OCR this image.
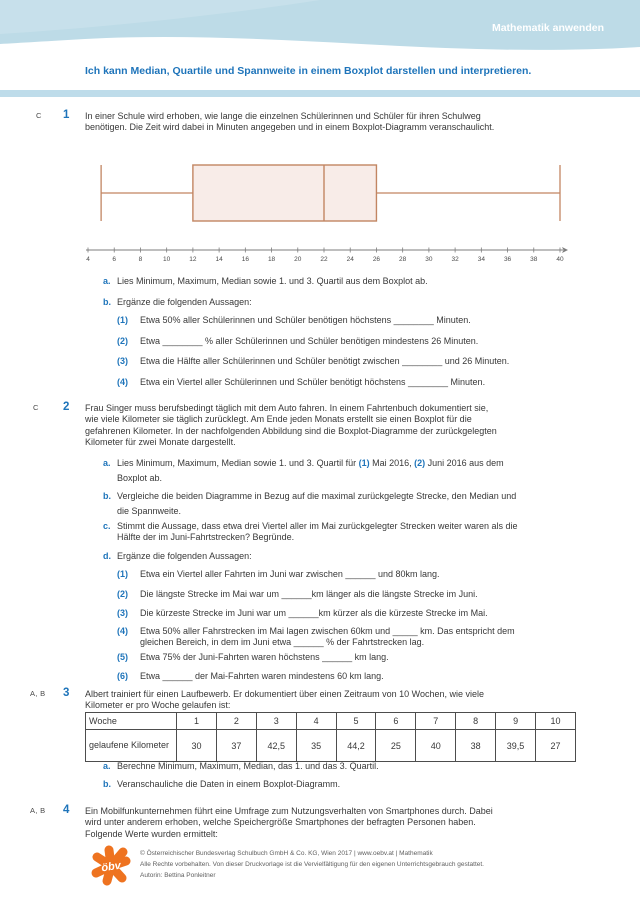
Mathematik anwenden
Ich kann Median, Quartile und Spannweite in einem Boxplot darstellen und interpretieren.
C 1 In einer Schule wird erhoben, wie lange die einzelnen Schülerinnen und Schüler für ihren Schulweg
benötigen. Die Zeit wird dabei in Minuten angegeben und in einem Boxplot-Diagramm veranschaulicht.
4	6	8	10	12	14	16	18	20	22	24	26	28	30	32	34	36	38	40
a. Lies Minimum, Maximum, Median sowie 1. und 3. Quartil aus dem Boxplot ab.
b. Ergänze die folgenden Aussagen:
(1) Etwa 50% aller Schülerinnen und Schüler benötigen höchstens ________ Minuten.
(2) Etwa ________ % aller Schülerinnen und Schüler benötigen mindestens 26 Minuten.
(3) Etwa die Hälfte aller Schülerinnen und Schüler benötigt zwischen ________ und 26 Minuten.
(4) Etwa ein Viertel aller Schülerinnen und Schüler benötigt höchstens ________ Minuten.
C 2 Frau Singer muss berufsbedingt täglich mit dem Auto fahren. In einem Fahrtenbuch dokumentiert sie,
wie viele Kilometer sie täglich zurücklegt. Am Ende jeden Monats erstellt sie einen Boxplot für die
gefahrenen Kilometer. In der nachfolgenden Abbildung sind die Boxplot-Diagramme der zurückgelegten
Kilometer für zwei Monate dargestellt.
a. Lies Minimum, Maximum, Median sowie 1. und 3. Quartil für (1) Mai 2016, (2) Juni 2016 aus dem
Boxplot ab.
b. Vergleiche die beiden Diagramme in Bezug auf die maximal zurückgelegte Strecke, den Median und
die Spannweite.
c. Stimmt die Aussage, dass etwa drei Viertel aller im Mai zurückgelegter Strecken weiter waren als die
Hälfte der im Juni-Fahrtstrecken? Begründe.
d. Ergänze die folgenden Aussagen:
(1) Etwa ein Viertel aller Fahrten im Juni war zwischen ______ und 80km lang.
(2) Die längste Strecke im Mai war um ______km länger als die längste Strecke im Juni.
(3) Die kürzeste Strecke im Juni war um ______km kürzer als die kürzeste Strecke im Mai.
(4) Etwa 50% aller Fahrstrecken im Mai lagen zwischen 60km und _____ km. Das entspricht dem
gleichen Bereich, in dem im Juni etwa ______ % der Fahrtstrecken lag.
(5) Etwa 75% der Juni-Fahrten waren höchstens ______ km lang.
(6) Etwa ______ der Mai-Fahrten waren mindestens 60 km lang.
A, B 3 Albert trainiert für einen Laufbewerb. Er dokumentiert über einen Zeitraum von 10 Wochen, wie viele
Kilometer er pro Woche gelaufen ist:
Woche	1	2	3	4	5	6	7	8	9	10
gelaufene Kilometer	30	37	42,5	35	44,2	25	40	38	39,5	27
a. Berechne Minimum, Maximum, Median, das 1. und das 3. Quartil.
b. Veranschauliche die Daten in einem Boxplot-Diagramm.
A, B 4 Ein Mobilfunkunternehmen führt eine Umfrage zum Nutzungsverhalten von Smartphones durch. Dabei
wird unter anderem erhoben, welche Speichergröße Smartphones der befragten Personen haben.
Folgende Werte wurden ermittelt:
öbv
© Österreichischer Bundesverlag Schulbuch GmbH & Co. KG, Wien 2017 | www.oebv.at | Mathematik
Alle Rechte vorbehalten. Von dieser Druckvorlage ist die Vervielfältigung für den eigenen Unterrichtsgebrauch gestattet.
Autorin: Bettina Ponleitner
